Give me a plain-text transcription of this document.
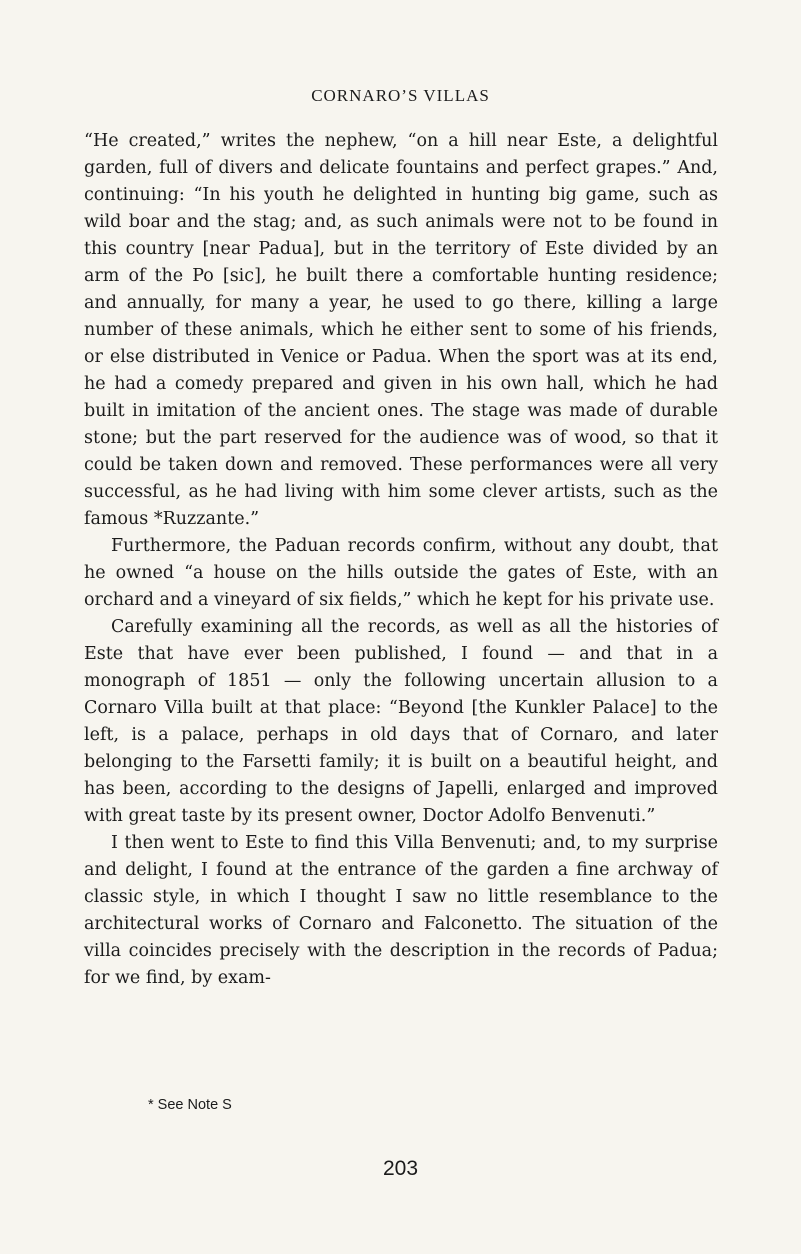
CORNARO’S VILLAS

“He created,” writes the nephew, “on a hill near Este, a delightful garden, full of divers and delicate fountains and perfect grapes.” And, continuing: “In his youth he delighted in hunting big game, such as wild boar and the stag; and, as such animals were not to be found in this country [near Padua], but in the territory of Este divided by an arm of the Po [sic], he built there a comfortable hunting residence; and annually, for many a year, he used to go there, killing a large number of these animals, which he either sent to some of his friends, or else distributed in Venice or Padua. When the sport was at its end, he had a comedy prepared and given in his own hall, which he had built in imitation of the ancient ones. The stage was made of durable stone; but the part reserved for the audience was of wood, so that it could be taken down and removed. These performances were all very successful, as he had living with him some clever artists, such as the famous *Ruzzante.”

Furthermore, the Paduan records confirm, without any doubt, that he owned “a house on the hills outside the gates of Este, with an orchard and a vineyard of six fields,” which he kept for his private use.

Carefully examining all the records, as well as all the histories of Este that have ever been published, I found — and that in a monograph of 1851 — only the following uncertain allusion to a Cornaro Villa built at that place: “Beyond [the Kunkler Palace] to the left, is a palace, perhaps in old days that of Cornaro, and later belonging to the Farsetti family; it is built on a beautiful height, and has been, according to the designs of Japelli, enlarged and improved with great taste by its present owner, Doctor Adolfo Benvenuti.”

I then went to Este to find this Villa Benvenuti; and, to my surprise and delight, I found at the entrance of the garden a fine archway of classic style, in which I thought I saw no little resemblance to the architectural works of Cornaro and Falconetto. The situation of the villa coincides precisely with the description in the records of Padua; for we find, by exam-

* See Note S
203
